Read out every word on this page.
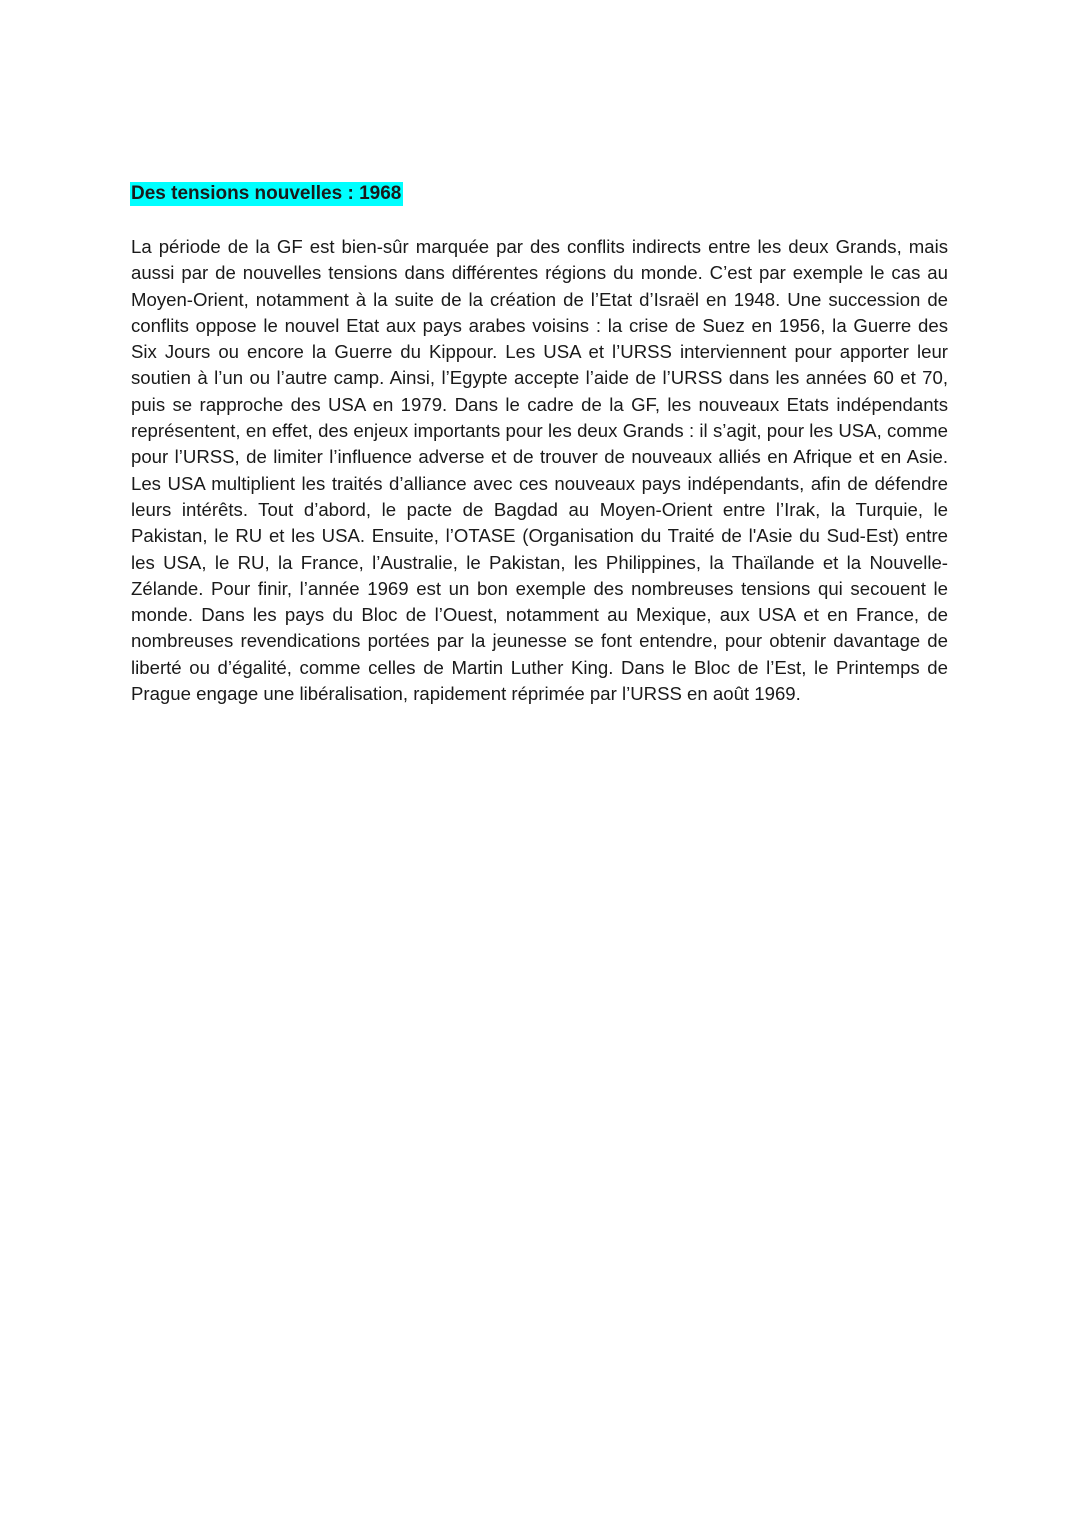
Des tensions nouvelles : 1968

La période de la GF est bien-sûr marquée par des conflits indirects entre les deux Grands, mais aussi par de nouvelles tensions dans différentes régions du monde. C’est par exemple le cas au Moyen-Orient, notamment à la suite de la création de l’Etat d’Israël en 1948. Une succession de conflits oppose le nouvel Etat aux pays arabes voisins : la crise de Suez en 1956, la Guerre des Six Jours ou encore la Guerre du Kippour. Les USA et l’URSS interviennent pour apporter leur soutien à l’un ou l’autre camp. Ainsi, l’Egypte accepte l’aide de l’URSS dans les années 60 et 70, puis se rapproche des USA en 1979. Dans le cadre de la GF, les nouveaux Etats indépendants représentent, en effet, des enjeux importants pour les deux Grands : il s’agit, pour les USA, comme pour l’URSS, de limiter l’influence adverse et de trouver de nouveaux alliés en Afrique et en Asie. Les USA multiplient les traités d’alliance avec ces nouveaux pays indépendants, afin de défendre leurs intérêts. Tout d’abord, le pacte de Bagdad au Moyen-Orient entre l’Irak, la Turquie, le Pakistan, le RU et les USA. Ensuite, l’OTASE (Organisation du Traité de l'Asie du Sud-Est) entre les USA, le RU, la France, l’Australie, le Pakistan, les Philippines, la Thaïlande et la Nouvelle-Zélande. Pour finir, l’année 1969 est un bon exemple des nombreuses tensions qui secouent le monde. Dans les pays du Bloc de l’Ouest, notamment au Mexique, aux USA et en France, de nombreuses revendications portées par la jeunesse se font entendre, pour obtenir davantage de liberté ou d’égalité, comme celles de Martin Luther King. Dans le Bloc de l’Est, le Printemps de Prague engage une libéralisation, rapidement réprimée par l’URSS en août 1969.
